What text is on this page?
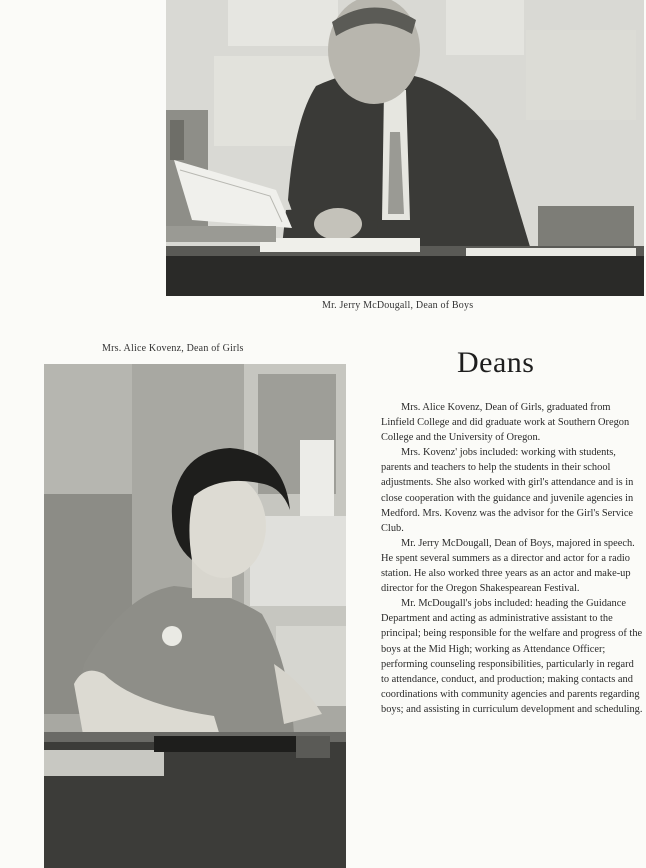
Mr. Jerry McDougall, Dean of Boys
Mrs. Alice Kovenz, Dean of Girls	Deans

Mrs. Alice Kovenz, Dean of Girls, graduated from Linfield College and did graduate work at Southern Oregon College and the University of Oregon.

Mrs. Kovenz' jobs included: working with students, parents and teachers to help the students in their school adjustments. She also worked with girl's attendance and is in close cooperation with the guidance and juvenile agencies in Medford. Mrs. Kovenz was the advisor for the Girl's Service Club.

Mr. Jerry McDougall, Dean of Boys, majored in speech. He spent several summers as a director and actor for a radio station. He also worked three years as an actor and make-up director for the Oregon Shakespearean Festival.

Mr. McDougall's jobs included: heading the Guidance Department and acting as administrative assistant to the principal; being responsible for the welfare and progress of the boys at the Mid High; working as Attendance Officer; performing counseling responsibilities, particularly in regard to attendance, conduct, and production; making contacts and coordinations with community agencies and parents regarding boys; and assisting in curriculum development and scheduling.
